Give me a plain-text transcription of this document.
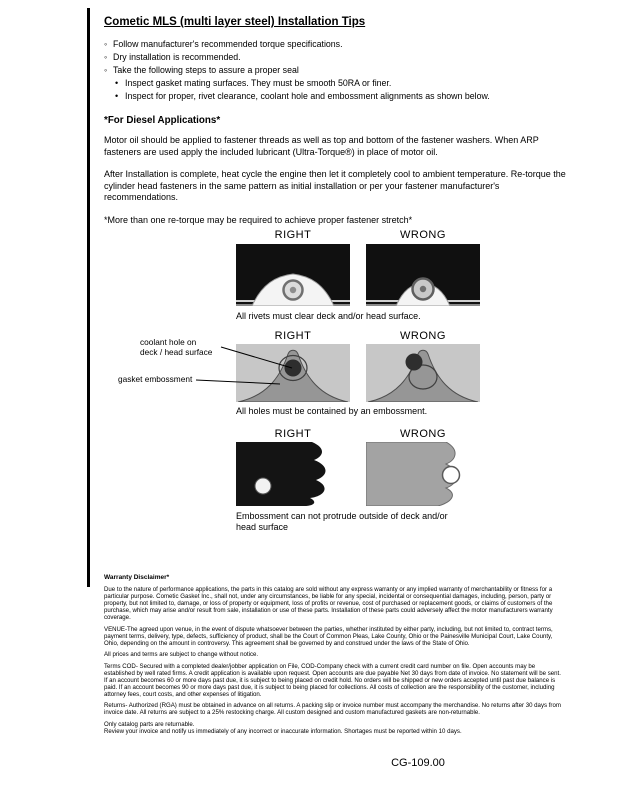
Cometic MLS (multi layer steel) Installation Tips
Follow manufacturer's recommended torque specifications.
Dry installation is recommended.
Take the following steps to assure a proper seal
Inspect gasket mating surfaces. They must be smooth 50RA or finer.
Inspect for proper, rivet clearance, coolant hole and embossment alignments as shown below.
*For Diesel Applications*

Motor oil should be applied to fastener threads as well as top and bottom of the fastener washers. When ARP fasteners are used apply the included lubricant (Ultra-Torque®) in place of motor oil.

After Installation is complete, heat cycle the engine then let it completely cool to ambient temperature. Re-torque the cylinder head fasteners in the same pattern as initial installation or per your fastener manufacturer's recommendations.

*More than one re-torque may be required to achieve proper fastener stretch*

RIGHT	WRONG
All rivets must clear deck and/or head surface.
coolant hole on
deck / head surface
gasket embossment
RIGHT	WRONG
All holes must be contained by an embossment.
RIGHT	WRONG
Embossment can not protrude outside of deck and/or head surface
Warranty Disclaimer*

Due to the nature of performance applications, the parts in this catalog are sold without any express warranty or any implied warranty of merchantability or fitness for a particular purpose. Cometic Gasket Inc., shall not, under any circumstances, be liable for any special, incidental or consequential damages, including, person, party or property, but not limited to, damage, or loss of property or equipment, loss of profits or revenue, cost of purchased or replacement goods, or claims of customers of the purchase, which may arise and/or result from sale, installation or use of these parts. Installation of these parts could adversely affect the motor manufacturers warranty coverage.

VENUE-The agreed upon venue, in the event of dispute whatsoever between the parties, whether instituted by either party, including, but not limited to, contract terms, payment terms, delivery, type, defects, sufficiency of product, shall be the Court of Common Pleas, Lake County, Ohio or the Painesville Municipal Court, Lake County, Ohio, depending on the amount in controversy. This agreement shall be governed by and construed under the laws of the State of Ohio.

All prices and terms are subject to change without notice.

Terms COD- Secured with a completed dealer/jobber application on File, COD-Company check with a current credit card number on file. Open accounts may be established by well rated firms. A credit application is available upon request. Open accounts are due payable Net 30 days from date of invoice. No statement will be sent. If an account becomes 60 or more days past due, it is subject to being placed on credit hold. No orders will be shipped or new orders accepted until past due balance is paid. If an account becomes 90 or more days past due, it is subject to being placed for collections. All costs of collection are the responsibility of the customer, including attorney fees, court costs, and other expenses of litigation.

Returns- Authorized (RGA) must be obtained in advance on all returns. A packing slip or invoice number must accompany the merchandise. No returns after 30 days from invoice date. All returns are subject to a 25% restocking charge. All custom designed and custom manufactured gaskets are non-returnable.

Only catalog parts are returnable.

Review your invoice and notify us immediately of any incorrect or inaccurate information. Shortages must be reported within 10 days.

CG-109.00
